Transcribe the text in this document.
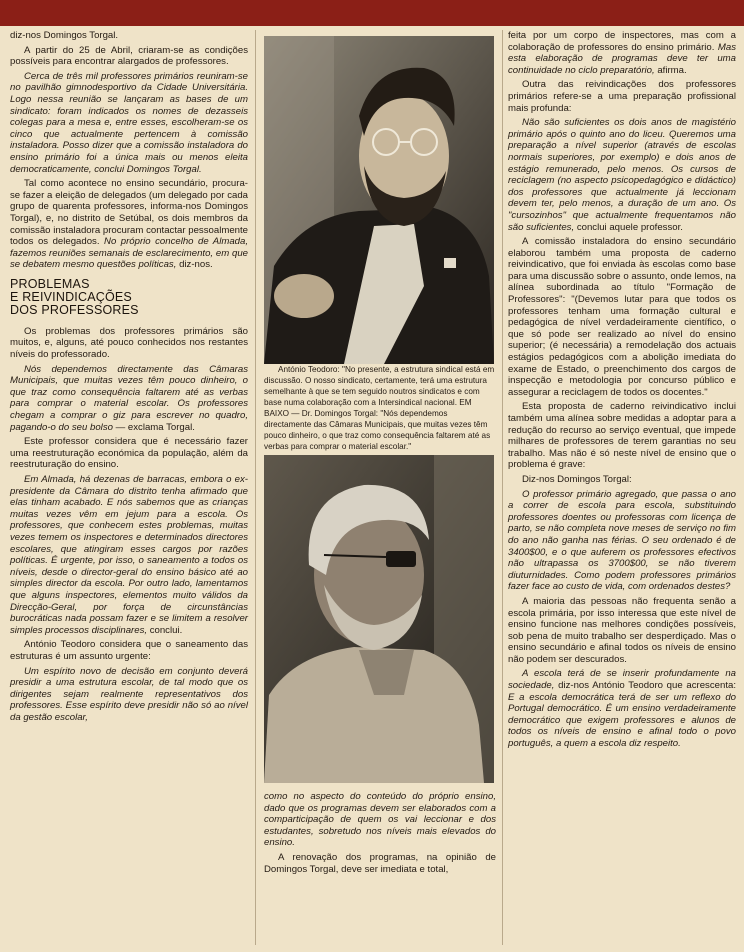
diz-nos Domingos Torgal.

A partir do 25 de Abril, criaram-se as condições possíveis para encontrar alargados de professores.

Cerca de três mil professores primários reuniram-se no pavilhão gimnodesportivo da Cidade Universitária. Logo nessa reunião se lançaram as bases de um sindicato: foram indicados os nomes de dezasseis colegas para a mesa e, entre esses, escolheram-se os cinco que actualmente pertencem à comissão instaladora. Posso dizer que a comissão instaladora do ensino primário foi a única mais ou menos eleita democraticamente, conclui Domingos Torgal.

Tal como acontece no ensino secundário, procura-se fazer a eleição de delegados (um delegado por cada grupo de quarenta professores, informa-nos Domingos Torgal), e, no distrito de Setúbal, os dois membros da comissão instaladora procuram contactar pessoalmente todos os delegados. No próprio concelho de Almada, fazemos reuniões semanais de esclarecimento, em que se debatem mesmo questões políticas, diz-nos.

PROBLEMAS
E REIVINDICAÇÕES
DOS PROFESSORES

Os problemas dos professores primários são muitos, e, alguns, até pouco conhecidos nos restantes níveis do professorado.

Nós dependemos directamente das Câmaras Municipais, que muitas vezes têm pouco dinheiro, o que traz como consequência faltarem até as verbas para comprar o material escolar. Os professores chegam a comprar o giz para escrever no quadro, pagando-o do seu bolso — exclama Torgal.

Este professor considera que é necessário fazer uma reestruturação económica da população, além da reestruturação do ensino.

Em Almada, há dezenas de barracas, embora o ex-presidente da Câmara do distrito tenha afirmado que elas tinham acabado. E nós sabemos que as crianças muitas vezes vêm em jejum para a escola. Os professores, que conhecem estes problemas, muitas vezes temem os inspectores e determinados directores escolares, que atingiram esses cargos por razões políticas. É urgente, por isso, o saneamento a todos os níveis, desde o director-geral do ensino básico até ao simples director da escola. Por outro lado, lamentamos que alguns inspectores, elementos muito válidos da Direcção-Geral, por força de circunstâncias burocráticas nada possam fazer e se limitem a resolver simples processos disciplinares, conclui.

António Teodoro considera que o saneamento das estruturas é um assunto urgente:

Um espírito novo de decisão em conjunto deverá presidir a uma estrutura escolar, de tal modo que os dirigentes sejam realmente representativos dos professores. Esse espírito deve presidir não só ao nível da gestão escolar,

António Teodoro: "No presente, a estrutura sindical está em discussão. O nosso sindicato, certamente, terá uma estrutura semelhante à que se tem seguido noutros sindicatos e com base numa colaboração com a Intersindical nacional. EM BAIXO — Dr. Domingos Torgal: "Nós dependemos directamente das Câmaras Municipais, que muitas vezes têm pouco dinheiro, o que traz como consequência faltarem até as verbas para comprar o material escolar."

como no aspecto do conteúdo do próprio ensino, dado que os programas devem ser elaborados com a comparticipação de quem os vai leccionar e dos estudantes, sobretudo nos níveis mais elevados do ensino.

A renovação dos programas, na opinião de Domingos Torgal, deve ser imediata e total,

feita por um corpo de inspectores, mas com a colaboração de professores do ensino primário. Mas esta elaboração de programas deve ter uma continuidade no ciclo preparatório, afirma.

Outra das reivindicações dos professores primários refere-se a uma preparação profissional mais profunda:

Não são suficientes os dois anos de magistério primário após o quinto ano do liceu. Queremos uma preparação a nível superior (através de escolas normais superiores, por exemplo) e dois anos de estágio remunerado, pelo menos. Os cursos de reciclagem (no aspecto psicopedagógico e didáctico) dos professores que actualmente já leccionam devem ter, pelo menos, a duração de um ano. Os "cursozinhos" que actualmente frequentamos não são suficientes, conclui aquele professor.

A comissão instaladora do ensino secundário elaborou também uma proposta de caderno reivindicativo, que foi enviada às escolas como base para uma discussão sobre o assunto, onde lemos, na alínea subordinada ao título "Formação de Professores": "(Devemos lutar para que todos os professores tenham uma formação cultural e pedagógica de nível verdadeiramente científico, o que só pode ser realizado ao nível do ensino superior; (é necessária) a remodelação dos actuais estágios pedagógicos com a abolição imediata do exame de Estado, o preenchimento dos cargos de inspecção e metodologia por concurso público e assegurar a reciclagem de todos os docentes."

Esta proposta de caderno reivindicativo inclui também uma alínea sobre medidas a adoptar para a redução do recurso ao serviço eventual, que impede milhares de professores de terem garantias no seu trabalho. Mas não é só neste nível de ensino que o problema é grave:

Diz-nos Domingos Torgal:

O professor primário agregado, que passa o ano a correr de escola para escola, substituindo professores doentes ou professoras com licença de parto, se não completa nove meses de serviço no fim do ano não ganha nas férias. O seu ordenado é de 3400$00, e o que auferem os professores efectivos não ultrapassa os 3700$00, se não tiverem diuturnidades. Como podem professores primários fazer face ao custo de vida, com ordenados destes?

A maioria das pessoas não frequenta senão a escola primária, por isso interessa que este nível de ensino funcione nas melhores condições possíveis, sob pena de muito trabalho ser desperdiçado. Mas o ensino secundário e afinal todos os níveis de ensino não podem ser descurados.

A escola terá de se inserir profundamente na sociedade, diz-nos António Teodoro que acrescenta: E a escola democrática terá de ser um reflexo do Portugal democrático. É um ensino verdadeiramente democrático que exigem professores e alunos de todos os níveis de ensino e afinal todo o povo português, a quem a escola diz respeito.
